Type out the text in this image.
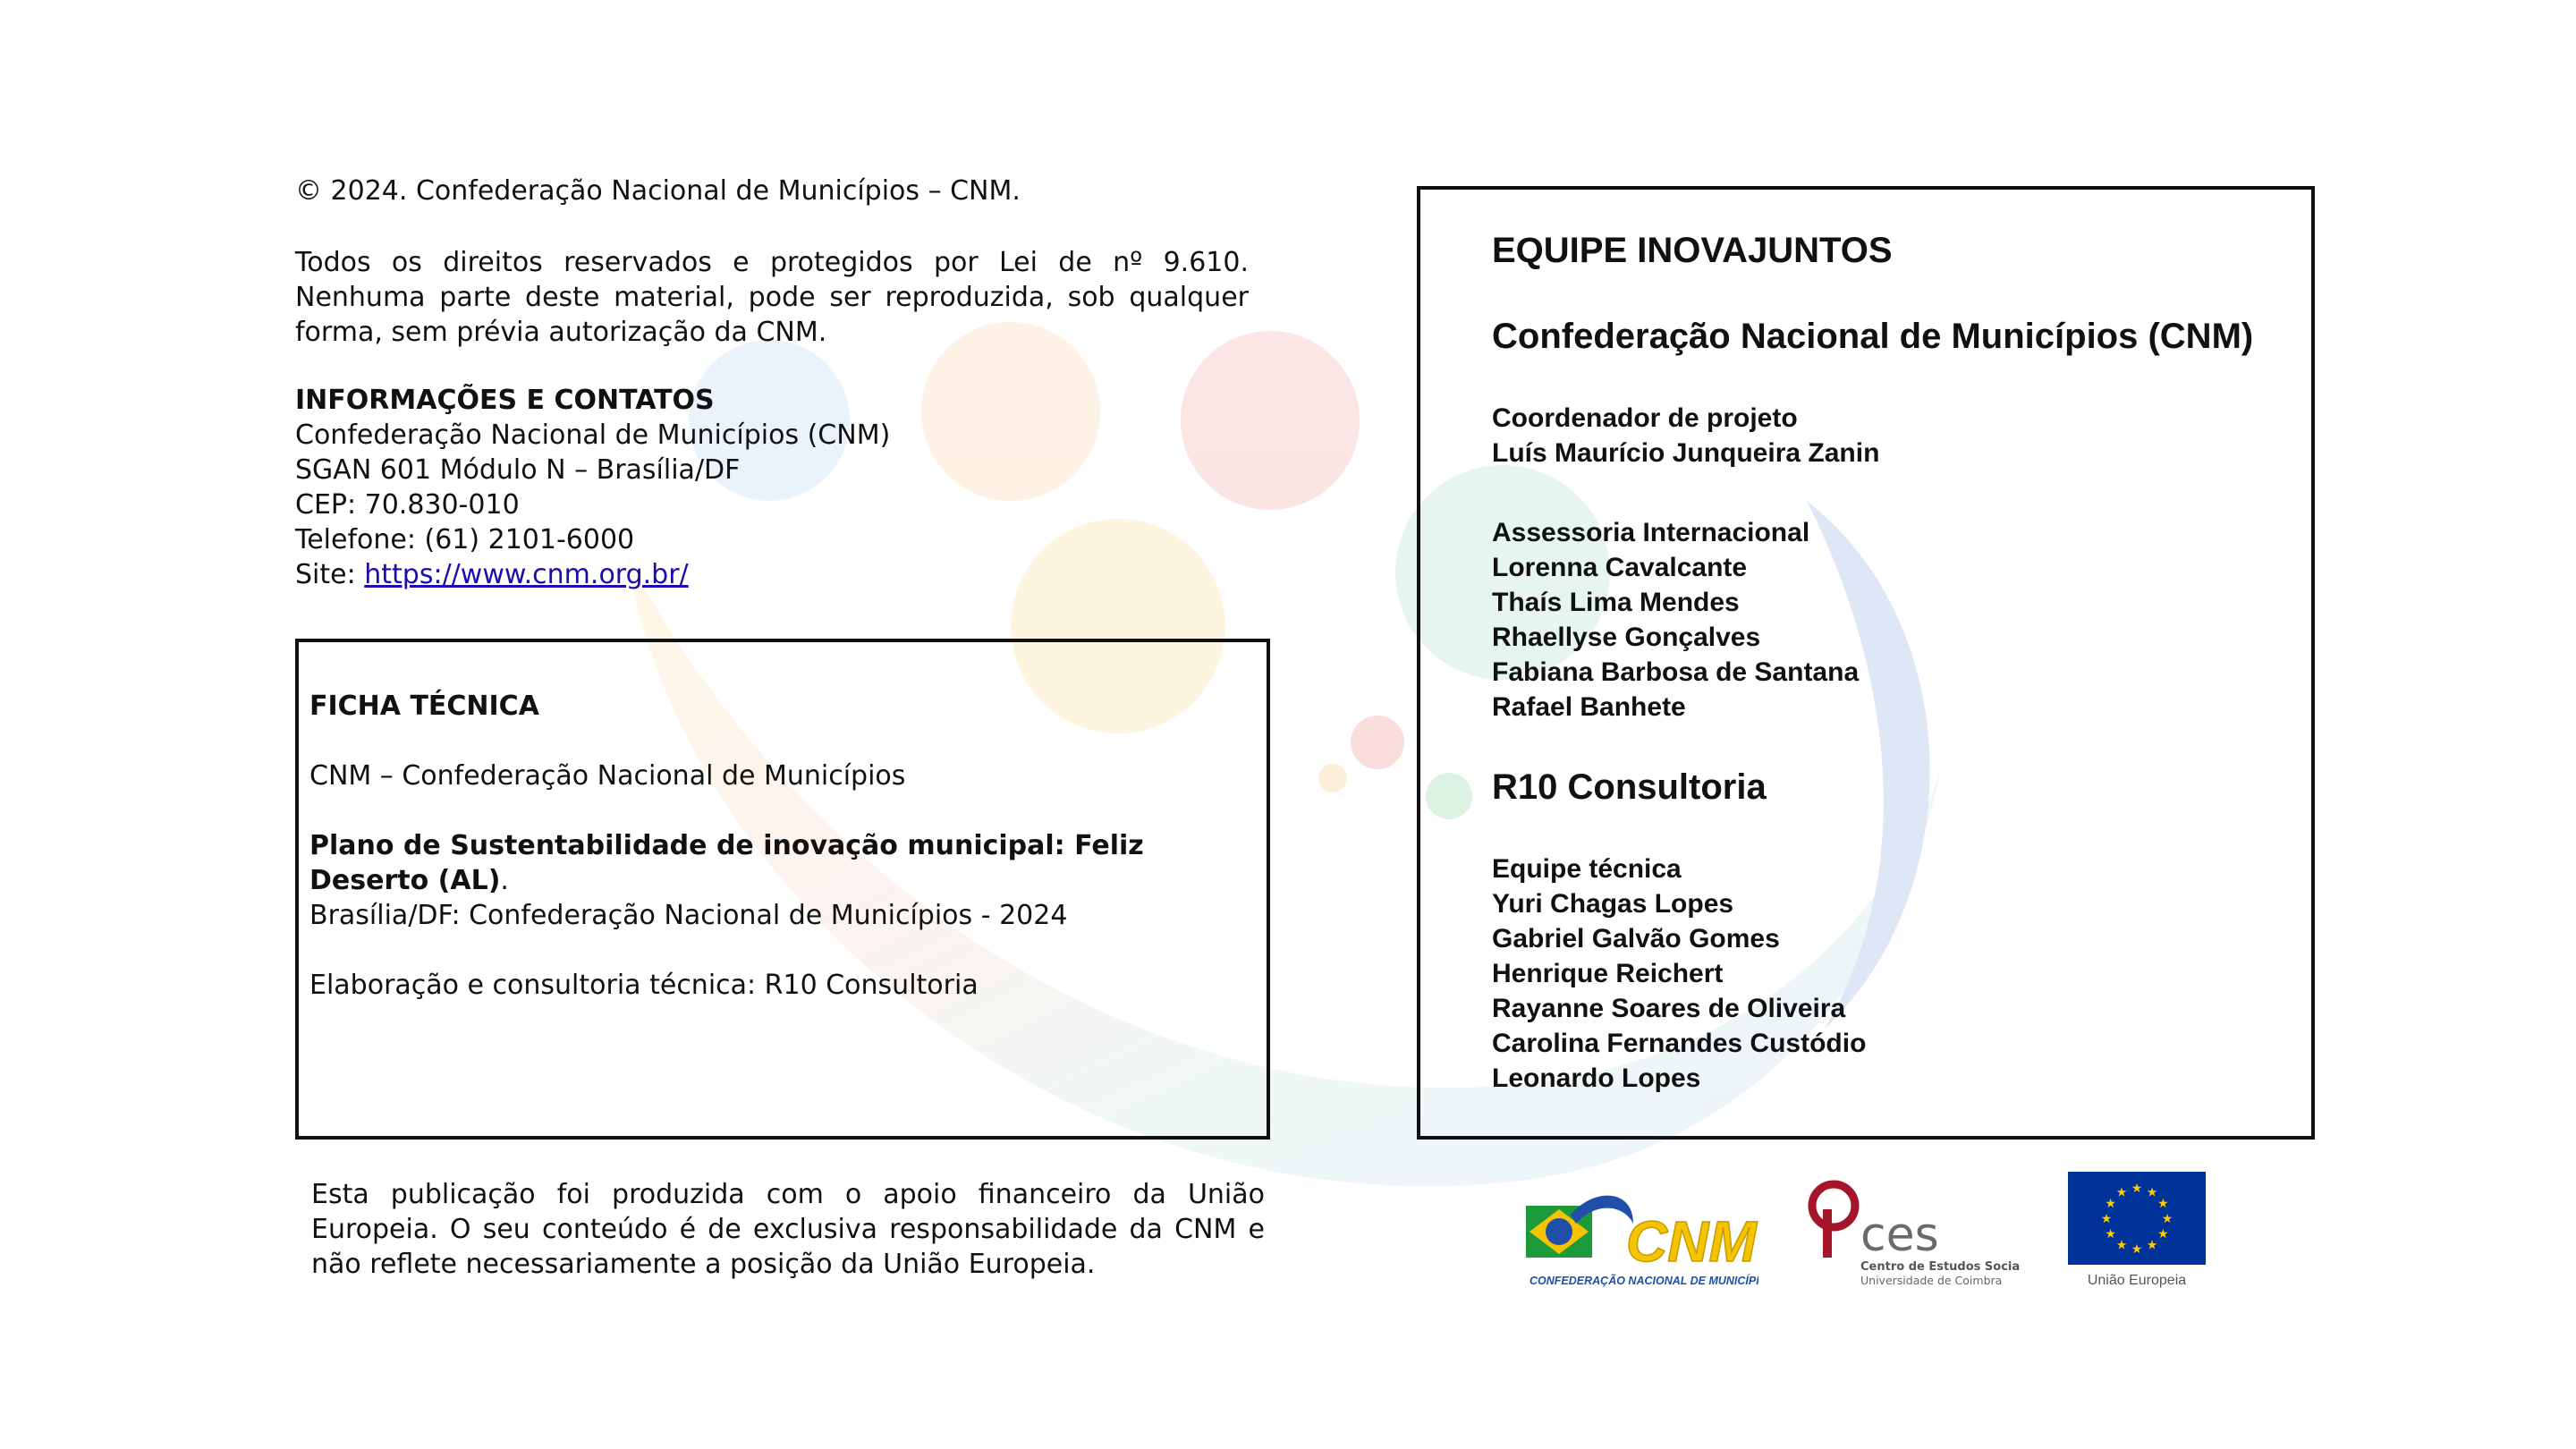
© 2024. Confederação Nacional de Municípios – CNM.

Todos os direitos reservados e protegidos por Lei de nº 9.610. Nenhuma parte deste material, pode ser reproduzida, sob qualquer forma, sem prévia autorização da CNM.

INFORMAÇÕES E CONTATOS
Confederação Nacional de Municípios (CNM)
SGAN 601 Módulo N – Brasília/DF
CEP: 70.830-010
Telefone: (61) 2101-6000
Site: https://www.cnm.org.br/
FICHA TÉCNICA
CNM – Confederação Nacional de Municípios
Plano de Sustentabilidade de inovação municipal: Feliz Deserto (AL).
Brasília/DF: Confederação Nacional de Municípios - 2024
Elaboração e consultoria técnica: R10 Consultoria
EQUIPE INOVAJUNTOS
Confederação Nacional de Municípios (CNM)
Coordenador de projeto
Luís Maurício Junqueira Zanin
Assessoria Internacional
Lorenna Cavalcante
Thaís Lima Mendes
Rhaellyse Gonçalves
Fabiana Barbosa de Santana
Rafael Banhete
R10 Consultoria
Equipe técnica
Yuri Chagas Lopes
Gabriel Galvão Gomes
Henrique Reichert
Rayanne Soares de Oliveira
Carolina Fernandes Custódio
Leonardo Lopes

Esta publicação foi produzida com o apoio financeiro da União Europeia. O seu conteúdo é de exclusiva responsabilidade da CNM e não reflete necessariamente a posição da União Europeia.	CNM
CONFEDERAÇÃO NACIONAL DE MUNICÍPIOS
ces
Centro de Estudos Sociais
Universidade de Coimbra
★
★
★
★
★
★
★
★
★ ★ ★
★
União Europeia
